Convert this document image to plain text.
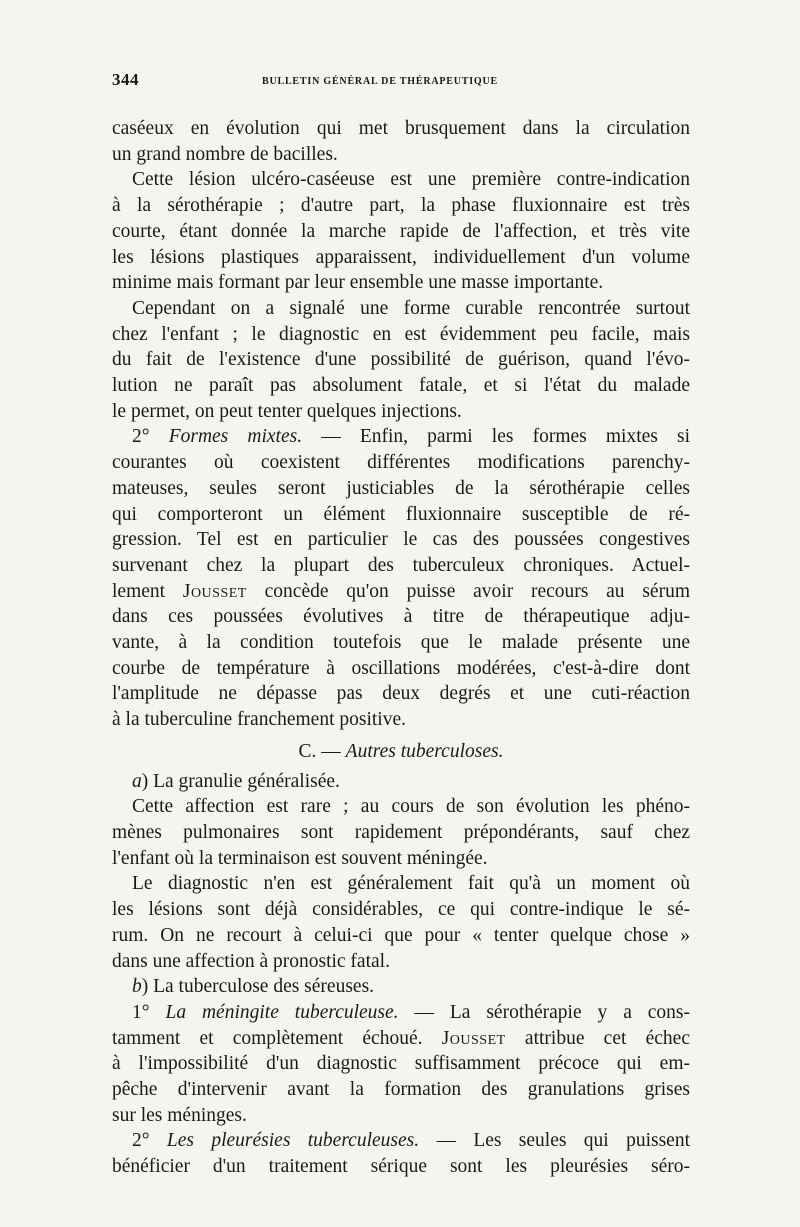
344	BULLETIN GÉNÉRAL DE THÉRAPEUTIQUE

caséeux en évolution qui met brusquement dans la circulation
un grand nombre de bacilles.

Cette lésion ulcéro-caséeuse est une première contre-indication
à la sérothérapie ; d'autre part, la phase fluxionnaire est très
courte, étant donnée la marche rapide de l'affection, et très vite
les lésions plastiques apparaissent, individuellement d'un volume
minime mais formant par leur ensemble une masse importante.

Cependant on a signalé une forme curable rencontrée surtout
chez l'enfant ; le diagnostic en est évidemment peu facile, mais
du fait de l'existence d'une possibilité de guérison, quand l'évo-
lution ne paraît pas absolument fatale, et si l'état du malade
le permet, on peut tenter quelques injections.

2° Formes mixtes. — Enfin, parmi les formes mixtes si
courantes où coexistent différentes modifications parenchy-
mateuses, seules seront justiciables de la sérothérapie celles
qui comporteront un élément fluxionnaire susceptible de ré-
gression. Tel est en particulier le cas des poussées congestives
survenant chez la plupart des tuberculeux chroniques. Actuel-
lement Jousset concède qu'on puisse avoir recours au sérum
dans ces poussées évolutives à titre de thérapeutique adju-
vante, à la condition toutefois que le malade présente une
courbe de température à oscillations modérées, c'est-à-dire dont
l'amplitude ne dépasse pas deux degrés et une cuti-réaction
à la tuberculine franchement positive.

C. — Autres tuberculoses.

a) La granulie généralisée.

Cette affection est rare ; au cours de son évolution les phéno-
mènes pulmonaires sont rapidement prépondérants, sauf chez
l'enfant où la terminaison est souvent méningée.

Le diagnostic n'en est généralement fait qu'à un moment où
les lésions sont déjà considérables, ce qui contre-indique le sé-
rum. On ne recourt à celui-ci que pour « tenter quelque chose »
dans une affection à pronostic fatal.

b) La tuberculose des séreuses.

1° La méningite tuberculeuse. — La sérothérapie y a cons-
tamment et complètement échoué. Jousset attribue cet échec
à l'impossibilité d'un diagnostic suffisamment précoce qui em-
pêche d'intervenir avant la formation des granulations grises
sur les méninges.

2° Les pleurésies tuberculeuses. — Les seules qui puissent
bénéficier d'un traitement sérique sont les pleurésies séro-
